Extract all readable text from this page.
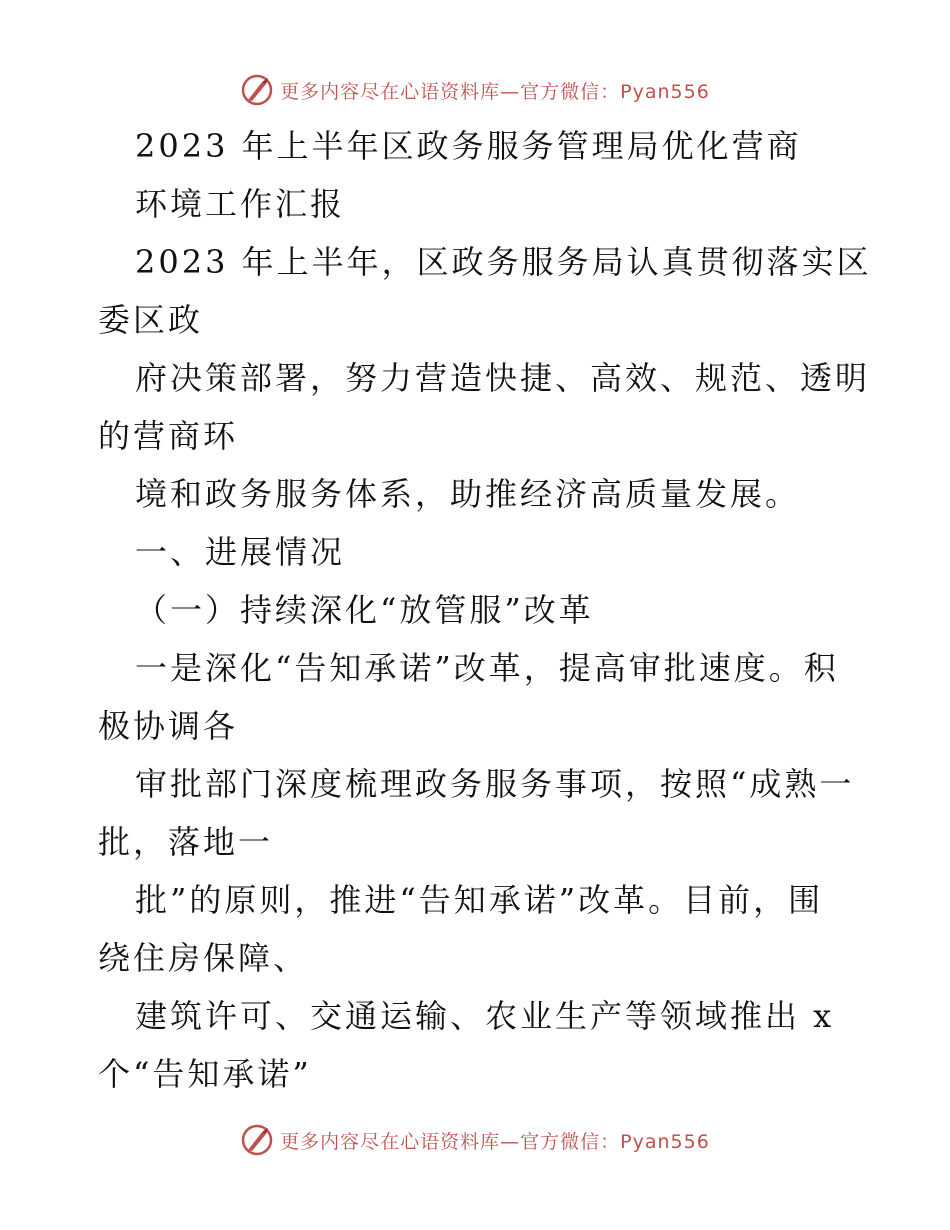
更多内容尽在心语资料库—官方微信：Pyan556
2023 年上半年区政务服务管理局优化营商
环境工作汇报
2023 年上半年，区政务服务局认真贯彻落实区
委区政
府决策部署，努力营造快捷、高效、规范、透明
的营商环
境和政务服务体系，助推经济高质量发展。
一、进展情况
（一）持续深化“放管服”改革
一是深化“告知承诺”改革，提高审批速度。积
极协调各
审批部门深度梳理政务服务事项，按照“成熟一
批，落地一
批”的原则，推进“告知承诺”改革。目前，围
绕住房保障、
建筑许可、交通运输、农业生产等领域推出 x
个“告知承诺”
更多内容尽在心语资料库—官方微信：Pyan556
